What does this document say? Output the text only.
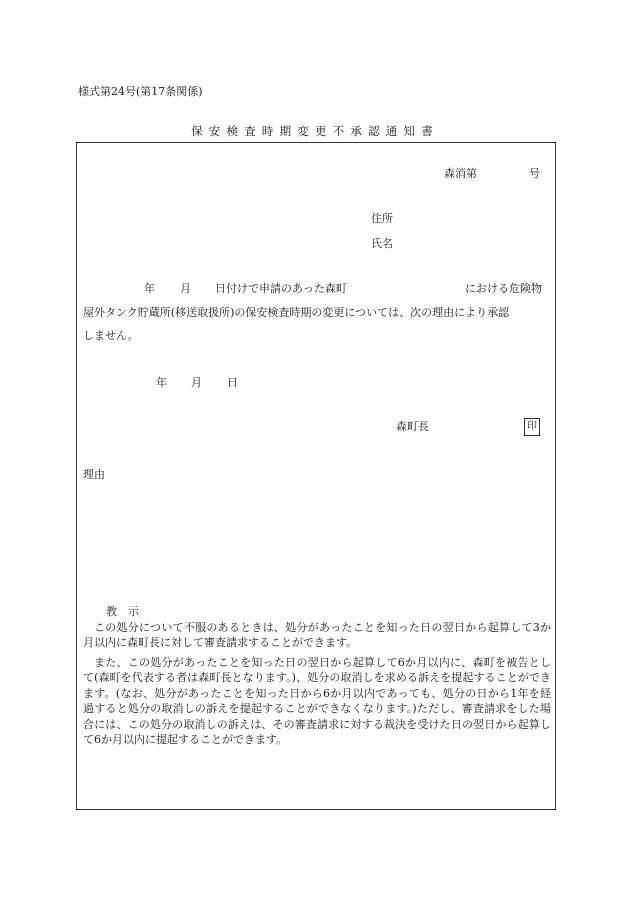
様式第24号(第17条関係)
保安検査時期変更不承認通知書
森消第	号
住所
氏名
年 月 日付けで申請のあった森町	における危険物
屋外タンク貯蔵所(移送取扱所)の保安検査時期の変更については、次の理由により承認
しません。
年 月 日
森町長	印
理由
教　示
この処分について不服のあるときは、処分があったことを知った日の翌日から起算して3か月以内に森町長に対して審査請求することができます。
また、この処分があったことを知った日の翌日から起算して6か月以内に、森町を被告として(森町を代表する者は森町長となります。)、処分の取消しを求める訴えを提起することができます。(なお、処分があったことを知った日から6か月以内であっても、処分の日から1年を経過すると処分の取消しの訴えを提起することができなくなります。)ただし、審査請求をした場合には、この処分の取消しの訴えは、その審査請求に対する裁決を受けた日の翌日から起算して6か月以内に提起することができます。
